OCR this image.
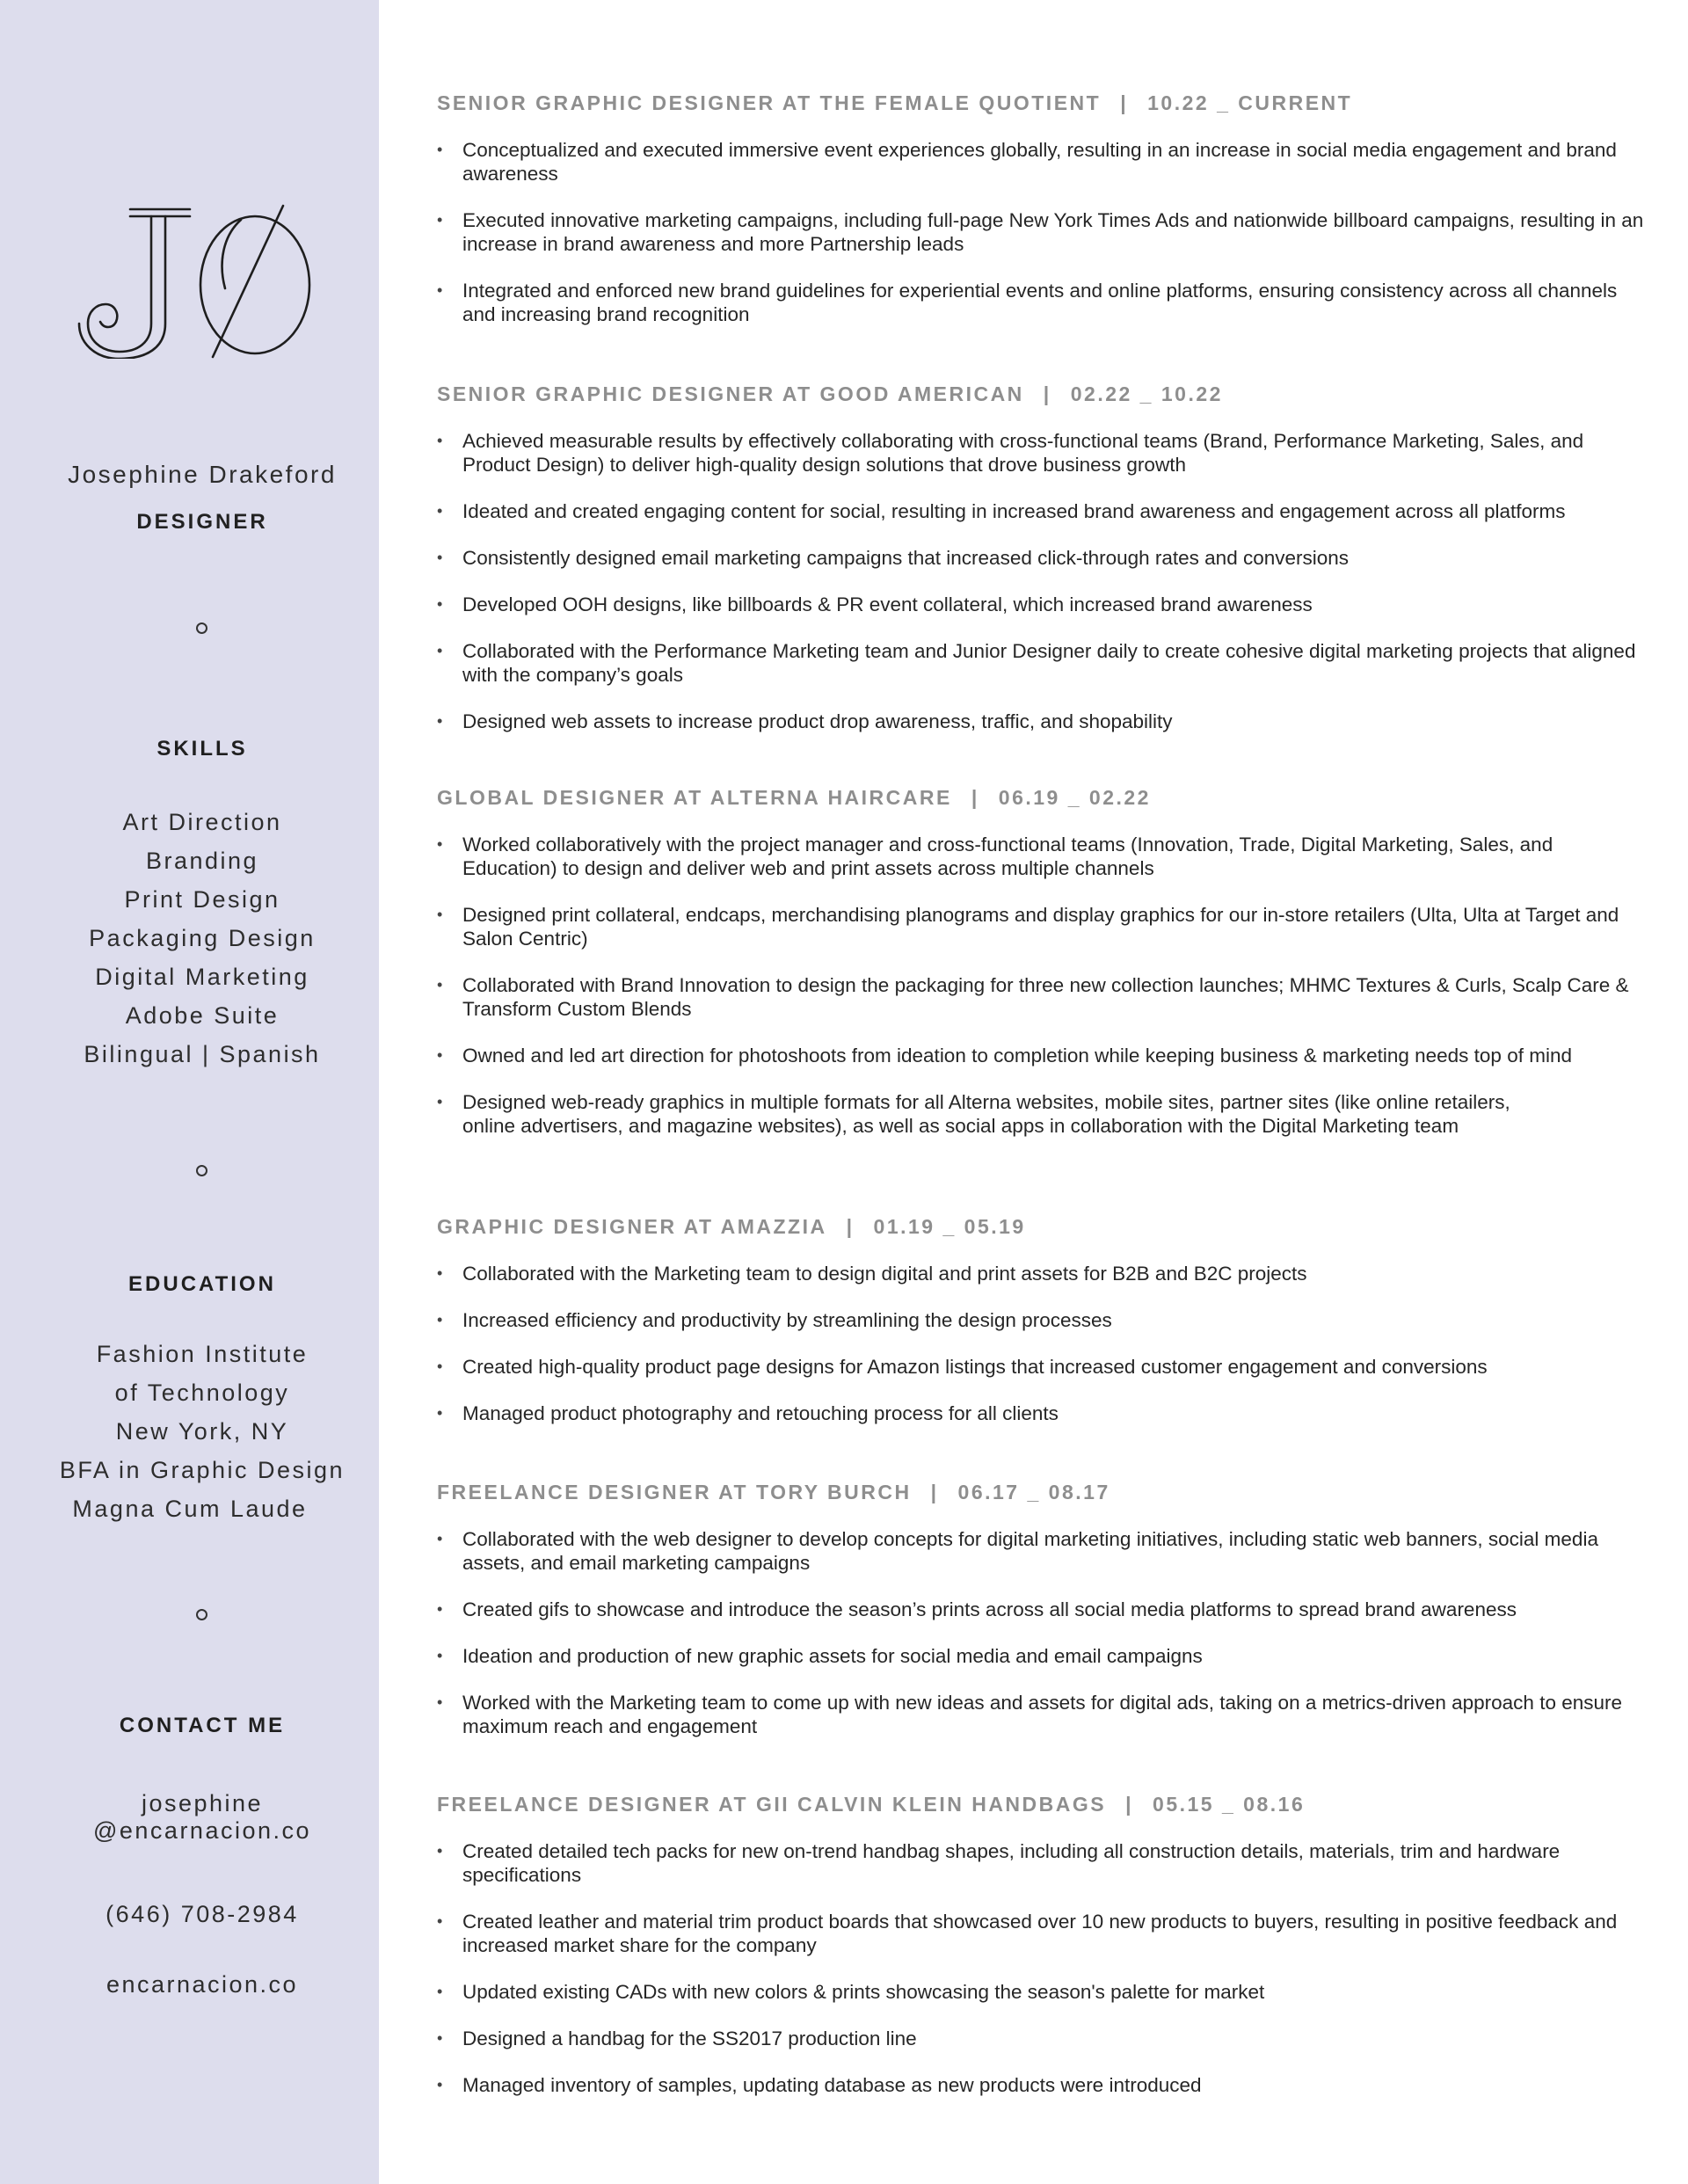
Josephine Drakeford
DESIGNER
SKILLS
Art Direction
Branding
Print Design
Packaging Design
Digital Marketing
Adobe Suite
Bilingual | Spanish
EDUCATION
Fashion Institute
of Technology
New York, NY
BFA in Graphic Design
Magna Cum Laude
CONTACT ME
josephine
@encarnacion.co
(646) 708-2984
encarnacion.co
SENIOR GRAPHIC DESIGNER AT THE FEMALE QUOTIENT | 10.22 _ CURRENT
• Conceptualized and executed immersive event experiences globally, resulting in an increase in social media engagement and brand awareness
• Executed innovative marketing campaigns, including full-page New York Times Ads and nationwide billboard campaigns, resulting in an increase in brand awareness and more Partnership leads
• Integrated and enforced new brand guidelines for experiential events and online platforms, ensuring consistency across all channels and increasing brand recognition
SENIOR GRAPHIC DESIGNER AT GOOD AMERICAN | 02.22 _ 10.22
• Achieved measurable results by effectively collaborating with cross-functional teams (Brand, Performance Marketing, Sales, and Product Design) to deliver high-quality design solutions that drove business growth
• Ideated and created engaging content for social, resulting in increased brand awareness and engagement across all platforms
• Consistently designed email marketing campaigns that increased click-through rates and conversions
• Developed OOH designs, like billboards & PR event collateral, which increased brand awareness
• Collaborated with the Performance Marketing team and Junior Designer daily to create cohesive digital marketing projects that aligned with the company’s goals
• Designed web assets to increase product drop awareness, traffic, and shopability
GLOBAL DESIGNER AT ALTERNA HAIRCARE | 06.19 _ 02.22
• Worked collaboratively with the project manager and cross-functional teams (Innovation, Trade, Digital Marketing, Sales, and Education) to design and deliver web and print assets across multiple channels
• Designed print collateral, endcaps, merchandising planograms and display graphics for our in-store retailers (Ulta, Ulta at Target and Salon Centric)
• Collaborated with Brand Innovation to design the packaging for three new collection launches; MHMC Textures & Curls, Scalp Care & Transform Custom Blends
• Owned and led art direction for photoshoots from ideation to completion while keeping business & marketing needs top of mind
• Designed web-ready graphics in multiple formats for all Alterna websites, mobile sites, partner sites (like online retailers, online advertisers, and magazine websites), as well as social apps in collaboration with the Digital Marketing team
GRAPHIC DESIGNER AT AMAZZIA | 01.19 _ 05.19
• Collaborated with the Marketing team to design digital and print assets for B2B and B2C projects
• Increased efficiency and productivity by streamlining the design processes
• Created high-quality product page designs for Amazon listings that increased customer engagement and conversions
• Managed product photography and retouching process for all clients
FREELANCE DESIGNER AT TORY BURCH | 06.17 _ 08.17
• Collaborated with the web designer to develop concepts for digital marketing initiatives, including static web banners, social media assets, and email marketing campaigns
• Created gifs to showcase and introduce the season’s prints across all social media platforms to spread brand awareness
• Ideation and production of new graphic assets for social media and email campaigns
• Worked with the Marketing team to come up with new ideas and assets for digital ads, taking on a metrics-driven approach to ensure maximum reach and engagement
FREELANCE DESIGNER AT GII CALVIN KLEIN HANDBAGS | 05.15 _ 08.16
• Created detailed tech packs for new on-trend handbag shapes, including all construction details, materials, trim and hardware specifications
• Created leather and material trim product boards that showcased over 10 new products to buyers, resulting in positive feedback and increased market share for the company
• Updated existing CADs with new colors & prints showcasing the season's palette for market
• Designed a handbag for the SS2017 production line
• Managed inventory of samples, updating database as new products were introduced
